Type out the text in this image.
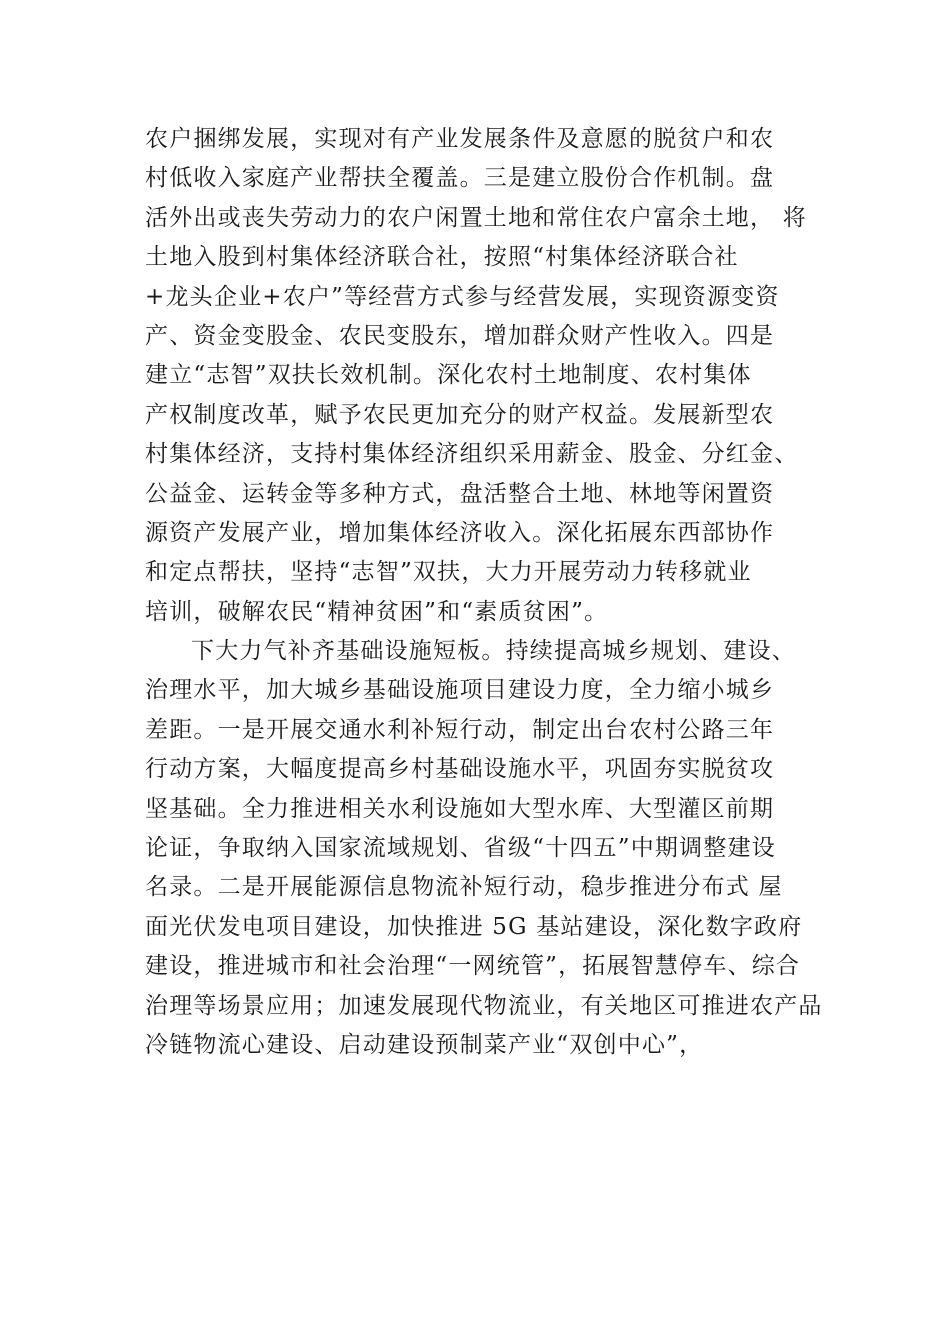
农户捆绑发展，实现对有产业发展条件及意愿的脱贫户和农
村低收入家庭产业帮扶全覆盖。三是建立股份合作机制。盘
活外出或丧失劳动力的农户闲置土地和常住农户富余土地， 将
土地入股到村集体经济联合社，按照“村集体经济联合社
+龙头企业+农户”等经营方式参与经营发展，实现资源变资
产、资金变股金、农民变股东，增加群众财产性收入。四是
建立“志智”双扶长效机制。深化农村土地制度、农村集体
产权制度改革，赋予农民更加充分的财产权益。发展新型农
村集体经济，支持村集体经济组织采用薪金、股金、分红金、
公益金、运转金等多种方式，盘活整合土地、林地等闲置资
源资产发展产业，增加集体经济收入。深化拓展东西部协作
和定点帮扶，坚持“志智”双扶，大力开展劳动力转移就业
培训，破解农民“精神贫困”和“素质贫困”。
下大力气补齐基础设施短板。持续提高城乡规划、建设、
治理水平，加大城乡基础设施项目建设力度，全力缩小城乡
差距。一是开展交通水利补短行动，制定出台农村公路三年
行动方案，大幅度提高乡村基础设施水平，巩固夯实脱贫攻
坚基础。全力推进相关水利设施如大型水库、大型灌区前期
论证，争取纳入国家流域规划、省级“十四五”中期调整建设
名录。二是开展能源信息物流补短行动，稳步推进分布式 屋
面光伏发电项目建设，加快推进 5G 基站建设，深化数字政府
建设，推进城市和社会治理“一网统管”，拓展智慧停车、综合
治理等场景应用；加速发展现代物流业，有关地区可推进农产品
冷链物流心建设、启动建设预制菜产业“双创中心”，
